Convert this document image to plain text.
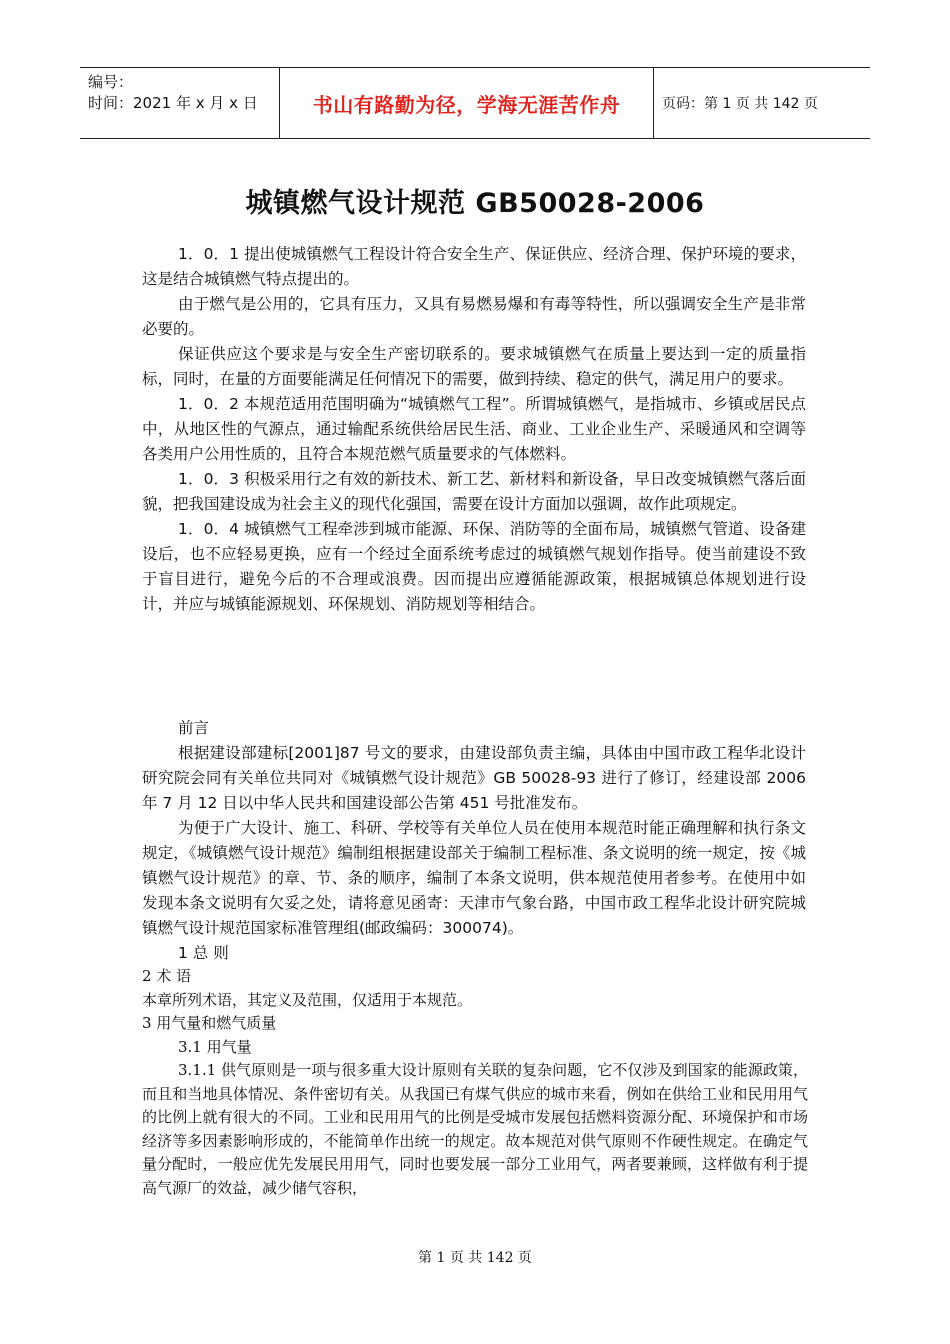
编号：
时间：2021 年 x 月 x 日	书山有路勤为径，学海无涯苦作舟	页码：第 1 页 共 142 页
城镇燃气设计规范 GB50028-2006

1．0．1 提出使城镇燃气工程设计符合安全生产、保证供应、经济合理、保护环境的要求，这是结合城镇燃气特点提出的。

由于燃气是公用的，它具有压力，又具有易燃易爆和有毒等特性，所以强调安全生产是非常必要的。

保证供应这个要求是与安全生产密切联系的。要求城镇燃气在质量上要达到一定的质量指标，同时，在量的方面要能满足任何情况下的需要，做到持续、稳定的供气，满足用户的要求。

1．0．2 本规范适用范围明确为“城镇燃气工程”。所谓城镇燃气，是指城市、乡镇或居民点中，从地区性的气源点，通过输配系统供给居民生活、商业、工业企业生产、采暖通风和空调等各类用户公用性质的，且符合本规范燃气质量要求的气体燃料。

1．0．3 积极采用行之有效的新技术、新工艺、新材料和新设备，早日改变城镇燃气落后面貌，把我国建设成为社会主义的现代化强国，需要在设计方面加以强调，故作此项规定。

1．0．4 城镇燃气工程牵涉到城市能源、环保、消防等的全面布局，城镇燃气管道、设备建设后，也不应轻易更换，应有一个经过全面系统考虑过的城镇燃气规划作指导。使当前建设不致于盲目进行，避免今后的不合理或浪费。因而提出应遵循能源政策，根据城镇总体规划进行设计，并应与城镇能源规划、环保规划、消防规划等相结合。

前言

根据建设部建标[2001]87 号文的要求，由建设部负责主编，具体由中国市政工程华北设计研究院会同有关单位共同对《城镇燃气设计规范》GB 50028-93 进行了修订，经建设部 2006 年 7 月 12 日以中华人民共和国建设部公告第 451 号批准发布。

为便于广大设计、施工、科研、学校等有关单位人员在使用本规范时能正确理解和执行条文规定，《城镇燃气设计规范》编制组根据建设部关于编制工程标准、条文说明的统一规定，按《城镇燃气设计规范》的章、节、条的顺序，编制了本条文说明，供本规范使用者参考。在使用中如发现本条文说明有欠妥之处，请将意见函寄：天津市气象台路，中国市政工程华北设计研究院城镇燃气设计规范国家标准管理组(邮政编码：300074)。

1 总 则

2 术 语

本章所列术语，其定义及范围，仅适用于本规范。

3 用气量和燃气质量

3.1 用气量

3.1.1 供气原则是一项与很多重大设计原则有关联的复杂问题，它不仅涉及到国家的能源政策，而且和当地具体情况、条件密切有关。从我国已有煤气供应的城市来看，例如在供给工业和民用用气的比例上就有很大的不同。工业和民用用气的比例是受城市发展包括燃料资源分配、环境保护和市场经济等多因素影响形成的，不能简单作出统一的规定。故本规范对供气原则不作硬性规定。在确定气量分配时，一般应优先发展民用用气，同时也要发展一部分工业用气，两者要兼顾，这样做有利于提高气源厂的效益，减少储气容积，

第 1 页 共 142 页
